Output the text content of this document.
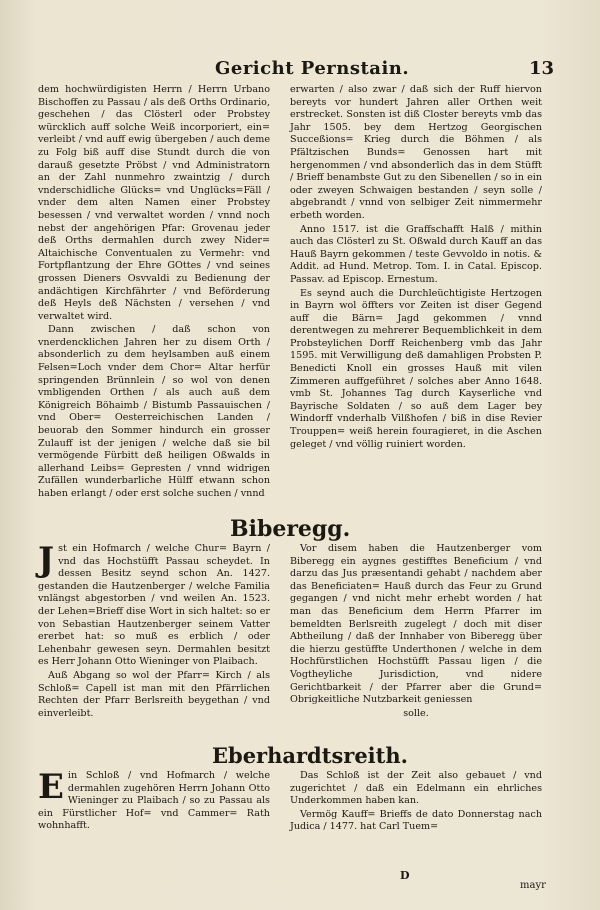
Gericht Pernstain.	13

dem hochwürdigisten Herrn / Herrn Urbano Bischoffen zu Passau / als deß Orths Ordinario, geschehen / das Clösterl oder Probstey würcklich auff solche Weiß incorporiert, ein= verleibt / vnd auff ewig übergeben / auch deme zu Folg biß auff dise Stundt durch die von darauß gesetzte Pröbst / vnd Administratorn an der Zahl nunmehro zwaintzig / durch vnderschidliche Glücks= vnd Unglücks=Fäll / vnder dem alten Namen einer Probstey besessen / vnd verwaltet worden / vnnd noch nebst der angehörigen Pfar: Grovenau jeder deß Orths dermahlen durch zwey Nider= Altaichische Conventualen zu Vermehr: vnd Fortpflantzung der Ehre GOttes / vnd seines grossen Dieners Osvvaldi zu Bedienung der andächtigen Kirchfährter / vnd Beförderung deß Heyls deß Nächsten / versehen / vnd verwaltet wird.

Dann zwischen / daß schon von vnerdencklichen Jahren her zu disem Orth / absonderlich zu dem heylsamben auß einem Felsen=Loch vnder dem Chor= Altar herfür springenden Brünnlein / so wol von denen vmbligenden Orthen / als auch auß dem Königreich Böhaimb / Bistumb Passauischen / vnd Ober= Oesterreichischen Landen / beuorab den Sommer hindurch ein grosser Zulauff ist der jenigen / welche daß sie bil vermögende Fürbitt deß heiligen Oßwalds in allerhand Leibs= Gepresten / vnnd widrigen Zufällen wunderbarliche Hülff etwann schon haben erlangt / oder erst solche suchen / vnnd

erwarten / also zwar / daß sich der Ruff hiervon bereyts vor hundert Jahren aller Orthen weit erstrecket. Sonsten ist diß Closter bereyts vmb das Jahr 1505. bey dem Hertzog Georgischen Succeßions= Krieg durch die Böhmen / als Pfältzischen Bunds= Genossen hart mit hergenommen / vnd absonderlich das in dem Stüfft / Brieff benambste Gut zu den Sibenellen / so in ein oder zweyen Schwaigen bestanden / seyn solle / abgebrandt / vnnd von selbiger Zeit nimmermehr erbeth worden.

Anno 1517. ist die Graffschafft Halß / mithin auch das Clösterl zu St. Oßwald durch Kauff an das Hauß Bayrn gekommen / teste Gevvoldo in notis. & Addit. ad Hund. Metrop. Tom. I. in Catal. Episcop. Passav. ad Episcop. Ernestum.

Es seynd auch die Durchleüchtigiste Hertzogen in Bayrn wol öffters vor Zeiten ist diser Gegend auff die Bärn= Jagd gekommen / vnnd derentwegen zu mehrerer Bequemblichkeit in dem Probsteylichen Dorff Reichenberg vmb das Jahr 1595. mit Verwilligung deß damahligen Probsten P. Benedicti Knoll ein grosses Hauß mit vilen Zimmeren auffgeführet / solches aber Anno 1648. vmb St. Johannes Tag durch Kayserliche vnd Bayrische Soldaten / so auß dem Lager bey Windorff vnderhalb Vilßhofen / biß in dise Revier Trouppen= weiß herein fouragieret, in die Aschen geleget / vnd völlig ruiniert worden.

Biberegg.

Jst ein Hofmarch / welche Chur= Bayrn / vnd das Hochstüfft Passau scheydet. In dessen Besitz seynd schon An. 1427. gestanden die Hautzenberger / welche Familia vnlängst abgestorben / vnd weilen An. 1523. der Lehen=Brieff dise Wort in sich haltet: so er von Sebastian Hautzenberger seinem Vatter ererbet hat: so muß es erblich / oder Lehenbahr gewesen seyn. Dermahlen besitzt es Herr Johann Otto Wieninger von Plaibach.

Auß Abgang so wol der Pfarr= Kirch / als Schloß= Capell ist man mit den Pfärrlichen Rechten der Pfarr Berlsreith beygethan / vnd einverleibt.

Vor disem haben die Hautzenberger vom Biberegg ein aygnes gestifftes Beneficium / vnd darzu das Jus præsentandi gehabt / nachdem aber das Beneficiaten= Hauß durch das Feur zu Grund gegangen / vnd nicht mehr erhebt worden / hat man das Beneficium dem Herrn Pfarrer im bemeldten Berlsreith zugelegt / doch mit diser Abtheilung / daß der Innhaber von Biberegg über die hierzu gestüffte Underthonen / welche in dem Hochfürstlichen Hochstüfft Passau ligen / die Vogtheyliche Jurisdiction, vnd nidere Gerichtbarkeit / der Pfarrer aber die Grund= Obrigkeitliche Nutzbarkeit geniessen

solle.

Eberhardtsreith.

Ein Schloß / vnd Hofmarch / welche dermahlen zugehören Herrn Johann Otto Wieninger zu Plaibach / so zu Passau als ein Fürstlicher Hof= vnd Cammer= Rath wohnhafft.

Das Schloß ist der Zeit also gebauet / vnd zugerichtet / daß ein Edelmann ein ehrliches Underkommen haben kan.

Vermög Kauff= Brieffs de dato Donnerstag nach Judica / 1477. hat Carl Tuem=

D
mayr
